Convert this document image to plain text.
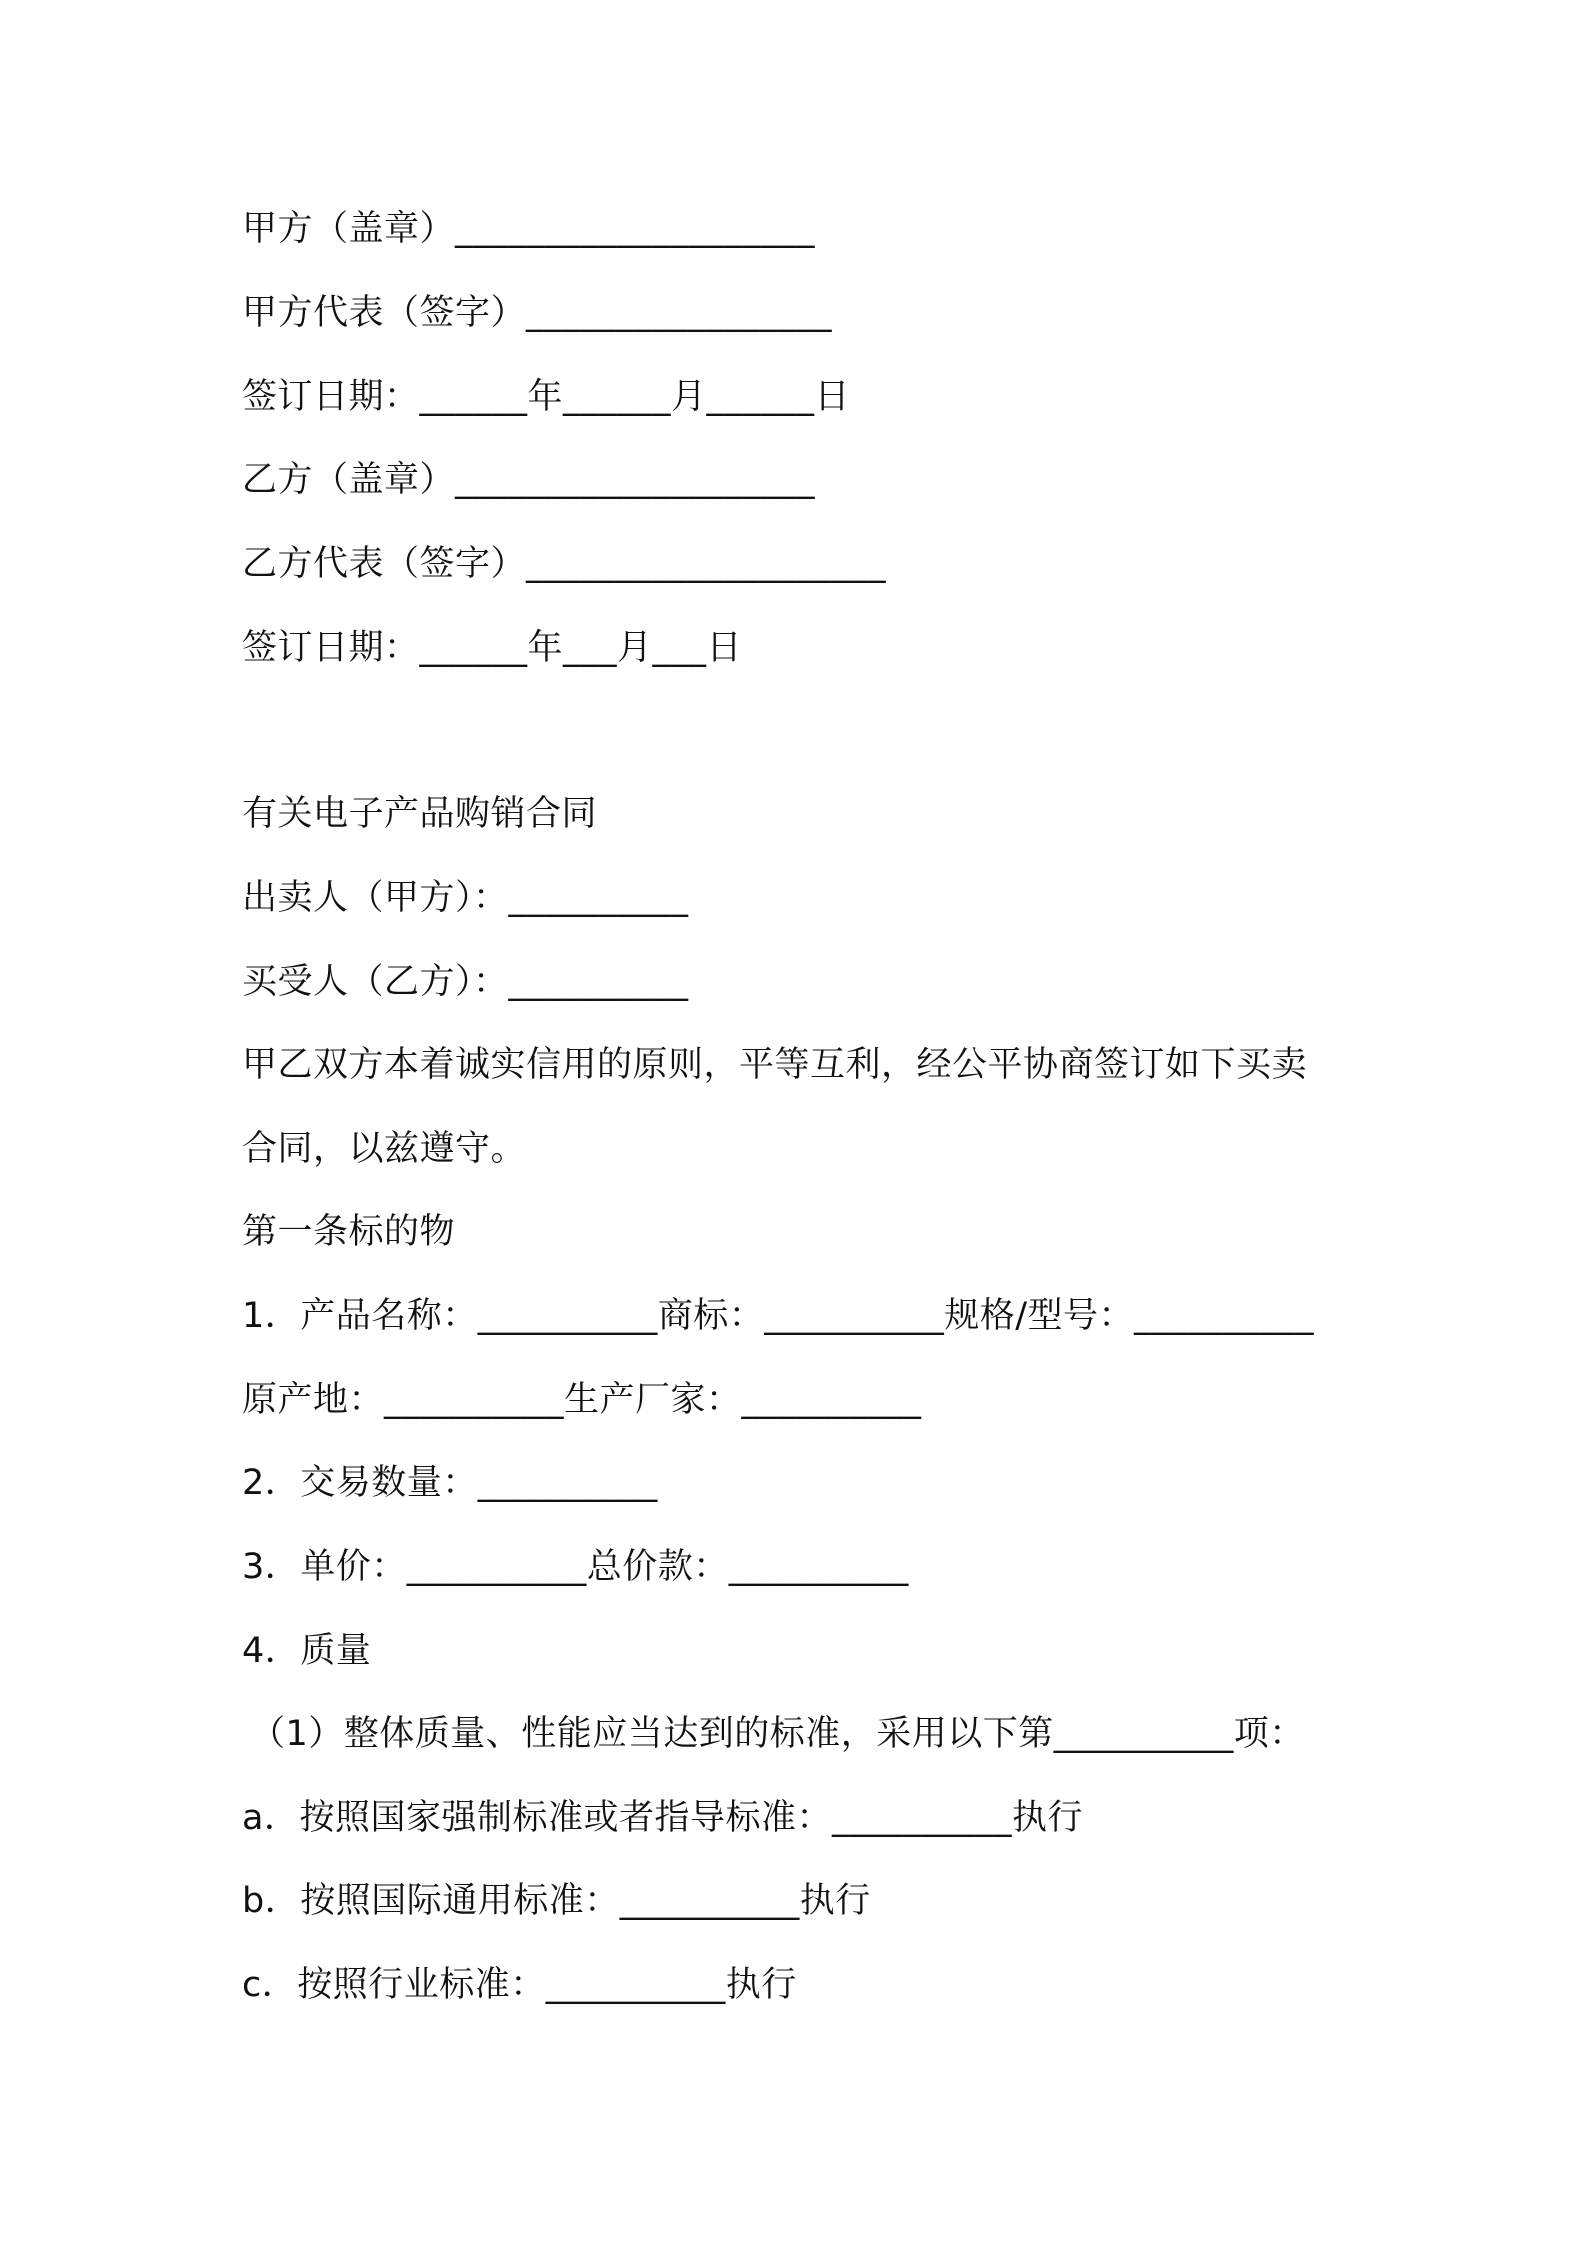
甲方（盖章）____________________
甲方代表（签字）_________________
签订日期：______年______月______日
乙方（盖章）____________________
乙方代表（签字）____________________
签订日期：______年___月___日
有关电子产品购销合同
出卖人（甲方）：__________
买受人（乙方）：__________
甲乙双方本着诚实信用的原则，平等互利，经公平协商签订如下买卖
合同，以兹遵守。
第一条标的物
1．产品名称：__________商标：__________规格/型号：__________
原产地：__________生产厂家：__________
2．交易数量：__________
3．单价：__________总价款：__________
4．质量
（1）整体质量、性能应当达到的标准，采用以下第__________项：
a．按照国家强制标准或者指导标准：__________执行
b．按照国际通用标准：__________执行
c．按照行业标准：__________执行
